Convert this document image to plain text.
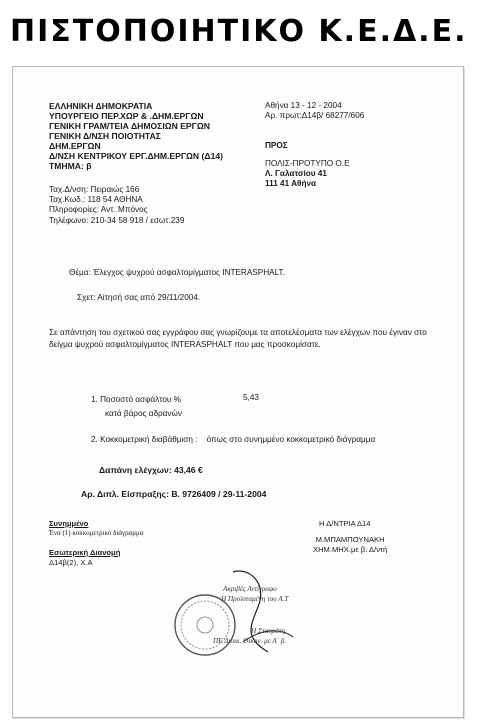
ΠΙΣΤΟΠΟΙΗΤΙΚΟ Κ.Ε.Δ.Ε.
ΕΛΛΗΝΙΚΗ ΔΗΜΟΚΡΑΤΙΑ
ΥΠΟΥΡΓΕΙΟ ΠΕΡ.ΧΩΡ & .ΔΗΜ.ΕΡΓΩΝ
ΓΕΝΙΚΗ ΓΡΑΜ/ΤΕΙΑ ΔΗΜΟΣΙΩΝ ΕΡΓΩΝ
ΓΕΝΙΚΗ Δ/ΝΣΗ ΠΟΙΟΤΗΤΑΣ
ΔΗΜ.ΕΡΓΩΝ
Δ/ΝΣΗ ΚΕΝΤΡΙΚΟΥ ΕΡΓ.ΔΗΜ.ΕΡΓΩΝ (Δ14)
ΤΜΗΜΑ: β
Αθήνα 13 - 12 - 2004
Αρ. πρωτ:Δ14β/ 68277/606
ΠΡΟΣ
ΠΟΛΙΣ-ΠΡΟΤΥΠΟ Ο.Ε
Λ. Γαλατσίου 41
111 41 Αθήνα
Ταχ.Δ/νση: Πειραιώς 166
Ταχ.Κωδ.: 118 54 ΑΘΗΝΑ
Πληροφορίες: Αντ. Μπόνος
Τηλέφωνο: 210-34 58 918 / εσωτ.239
Θέμα: Έλεγχος ψυχρού ασφαλτομίγματος INTERASPHALT.
Σχετ: Αίτησή σας από 29/11/2004.
Σε απάντηση του σχετικού σας εγγράφου σας γνωρίζουμε τα αποτελέσματα των ελέγχων που έγιναν στο δείγμα ψυχρού ασφαλτομίγματος INTERASPHALT που μας προσκομίσατε.
1. Ποσοστό ασφάλτου %
κατά βάρος αδρανών
5,43
2. Κοκκομετρική διαβάθμιση : όπως στο συνημμένο κοκκομετρικό διάγραμμα
Δαπάνη ελέγχων: 43,46 €
Αρ. Διπλ. Είσπραξης: Β. 9726409 / 29-11-2004
Συνημμένο
Ένα (1) κοκκομετρικό διάγραμμα
Εσωτερική Διανομή
Δ14β(2), Χ.Α
Η Δ/ΝΤΡΙΑ Δ14
Μ.ΜΠΑΜΠΟΥΝΑΚΗ
ΧΗΜ.ΜΗΧ.με β. Δ/ντή
Ακριβές Αντίγραφο
Η Προϊσταμένη του Α.Τ
Η Σταυράτη
ΠΕ Διοικ. Οικον. με Α΄ β.
